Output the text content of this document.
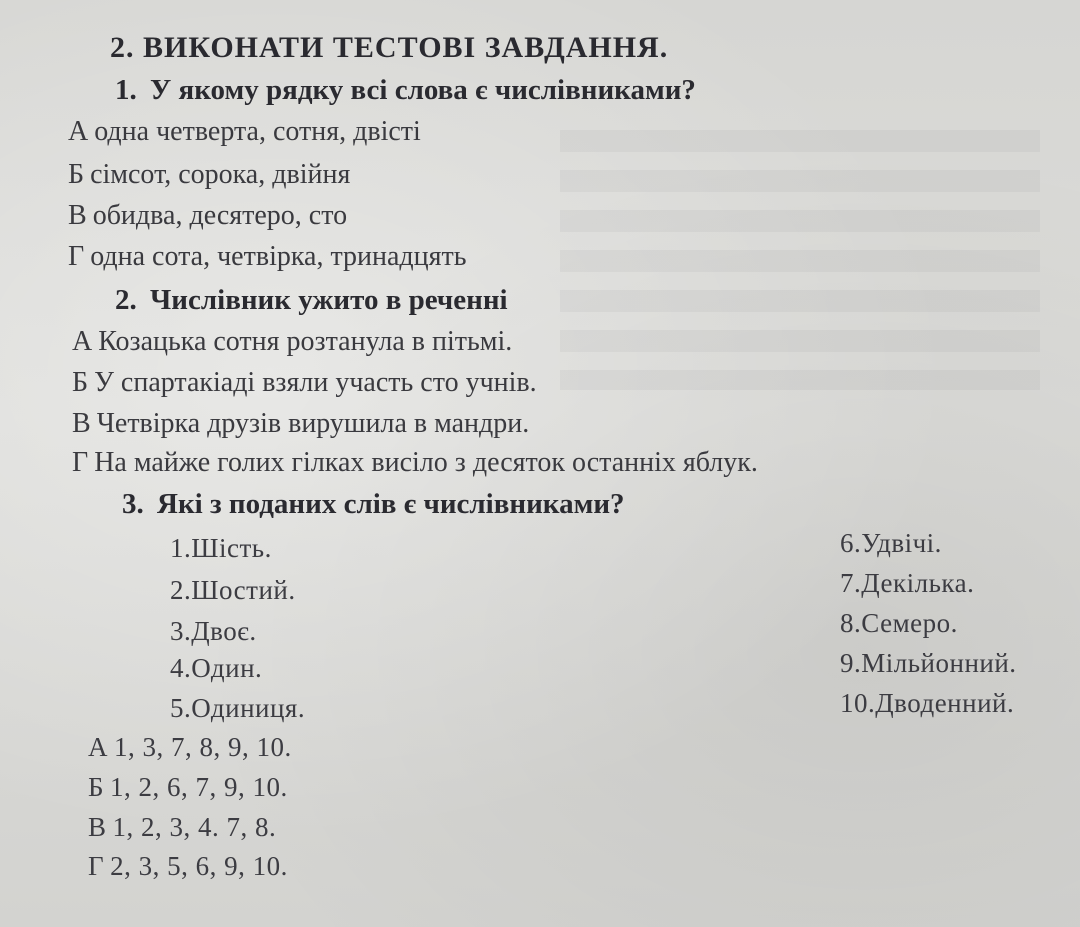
2. ВИКОНАТИ ТЕСТОВІ ЗАВДАННЯ.
1. У якому рядку всі слова є числівниками?
А одна четверта, сотня, двісті
Б сімсот, сорока, двійня
В обидва, десятеро, сто
Г одна сота, четвірка, тринадцять
2. Числівник ужито в реченні
А Козацька сотня розтанула в пітьмі.
Б У спартакіаді взяли участь сто учнів.
В Четвірка друзів вирушила в мандри.
Г На майже голих гілках висіло з десяток останніх яблук.
3. Які з поданих слів є числівниками?
1.Шість.
2.Шостий.
3.Двоє.
4.Один.
5.Одиниця.
6.Удвічі.
7.Декілька.
8.Семеро.
9.Мільйонний.
10.Дводенний.
А 1, 3, 7, 8, 9, 10.
Б 1, 2, 6, 7, 9, 10.
В 1, 2, 3, 4. 7, 8.
Г 2, 3, 5, 6, 9, 10.
